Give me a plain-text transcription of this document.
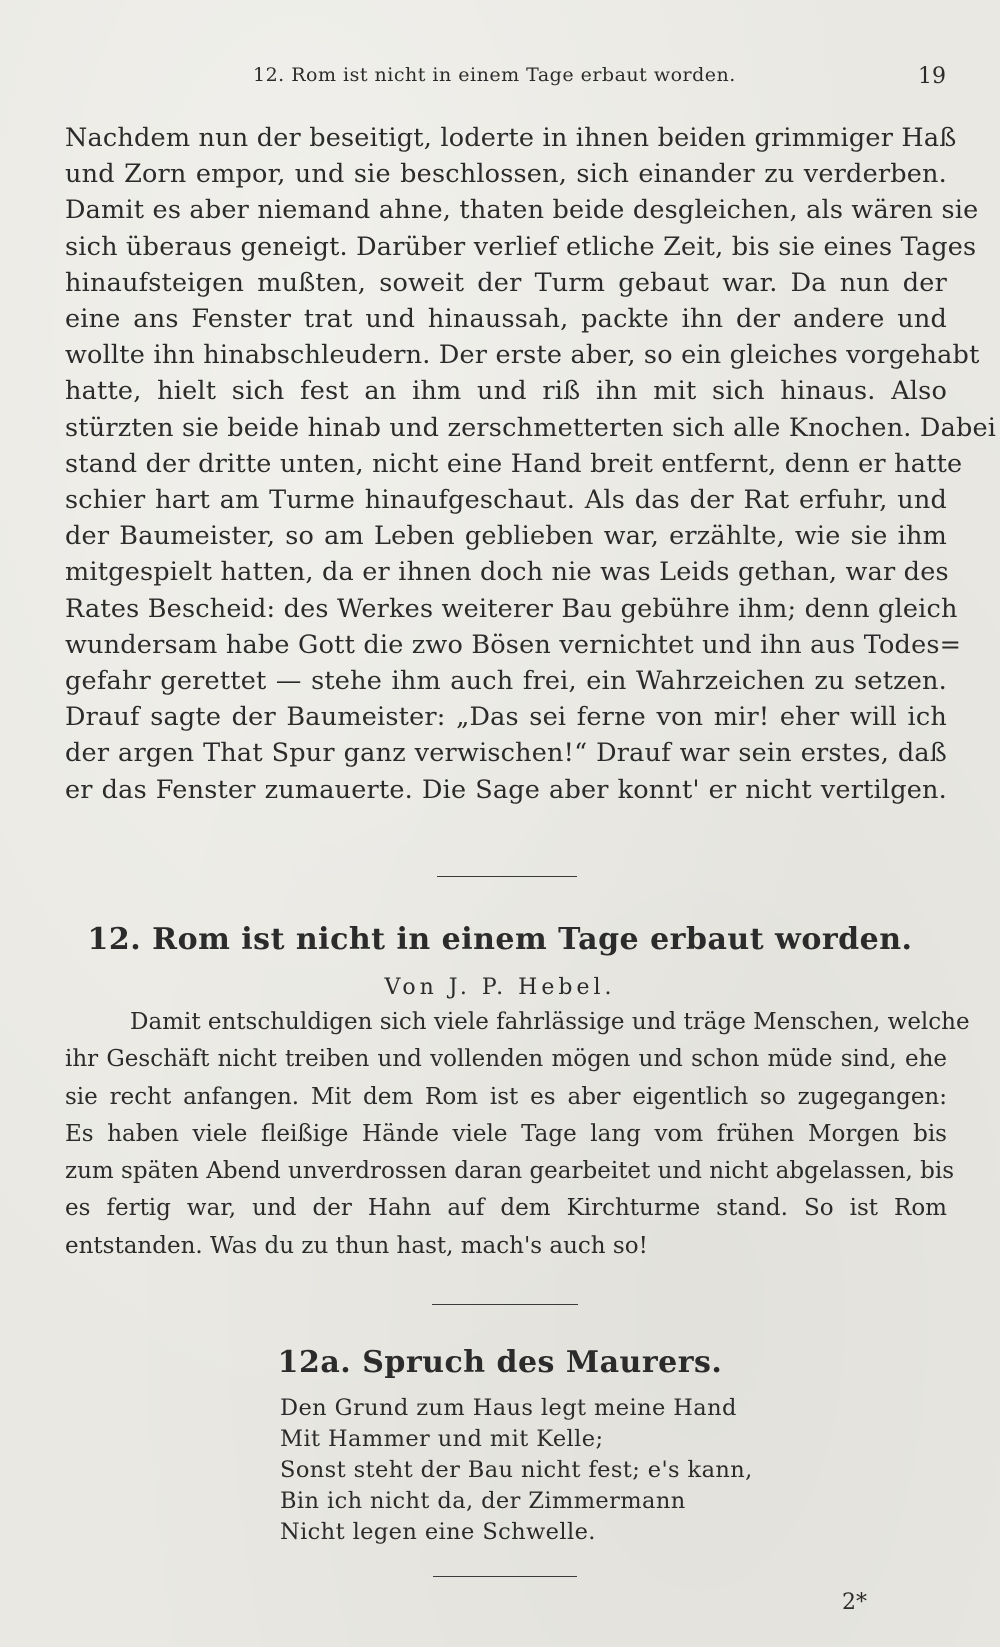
12. Rom ist nicht in einem Tage erbaut worden.	19
Nachdem nun der beseitigt, loderte in ihnen beiden grimmiger Haß
und Zorn empor, und sie beschlossen, sich einander zu verderben.
Damit es aber niemand ahne, thaten beide desgleichen, als wären sie
sich überaus geneigt. Darüber verlief etliche Zeit, bis sie eines Tages
hinaufsteigen mußten, soweit der Turm gebaut war. Da nun der
eine ans Fenster trat und hinaussah, packte ihn der andere und
wollte ihn hinabschleudern. Der erste aber, so ein gleiches vorgehabt
hatte, hielt sich fest an ihm und riß ihn mit sich hinaus. Also
stürzten sie beide hinab und zerschmetterten sich alle Knochen. Dabei
stand der dritte unten, nicht eine Hand breit entfernt, denn er hatte
schier hart am Turme hinaufgeschaut. Als das der Rat erfuhr, und
der Baumeister, so am Leben geblieben war, erzählte, wie sie ihm
mitgespielt hatten, da er ihnen doch nie was Leids gethan, war des
Rates Bescheid: des Werkes weiterer Bau gebühre ihm; denn gleich
wundersam habe Gott die zwo Bösen vernichtet und ihn aus Todes=
gefahr gerettet — stehe ihm auch frei, ein Wahrzeichen zu setzen.
Drauf sagte der Baumeister: „Das sei ferne von mir! eher will ich
der argen That Spur ganz verwischen!“ Drauf war sein erstes, daß
er das Fenster zumauerte. Die Sage aber konnt' er nicht vertilgen.
12. Rom ist nicht in einem Tage erbaut worden.
Von J. P. Hebel.
Damit entschuldigen sich viele fahrlässige und träge Menschen, welche
ihr Geschäft nicht treiben und vollenden mögen und schon müde sind, ehe
sie recht anfangen. Mit dem Rom ist es aber eigentlich so zugegangen:
Es haben viele fleißige Hände viele Tage lang vom frühen Morgen bis
zum späten Abend unverdrossen daran gearbeitet und nicht abgelassen, bis
es fertig war, und der Hahn auf dem Kirchturme stand. So ist Rom
entstanden. Was du zu thun hast, mach's auch so!
12a. Spruch des Maurers.
Den Grund zum Haus legt meine Hand
Mit Hammer und mit Kelle;
Sonst steht der Bau nicht fest; e's kann,
Bin ich nicht da, der Zimmermann
Nicht legen eine Schwelle.
2*
